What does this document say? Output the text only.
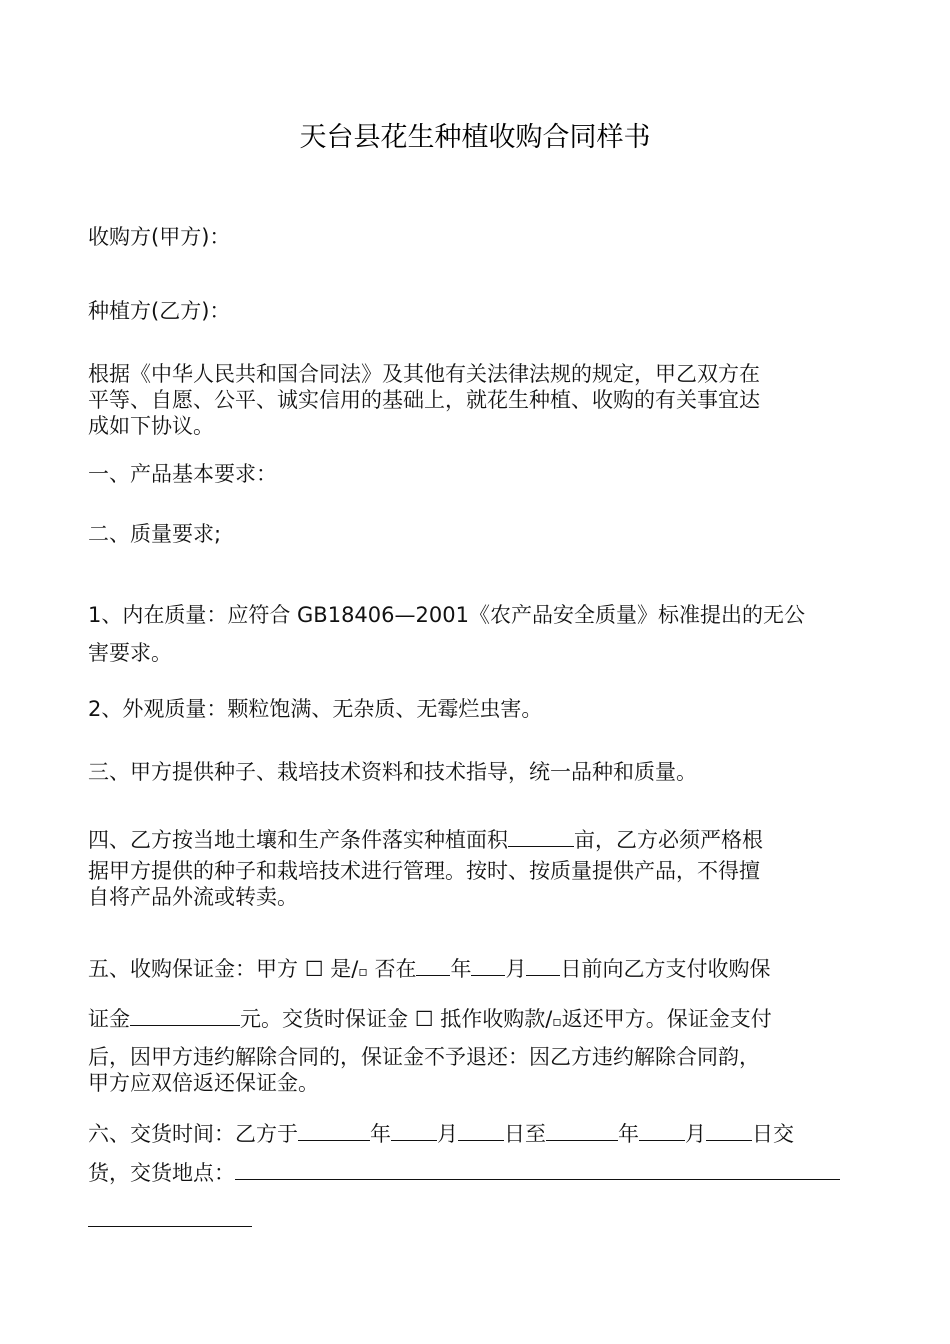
天台县花生种植收购合同样书

收购方(甲方)：

种植方(乙方)：

根据《中华人民共和国合同法》及其他有关法律法规的规定，甲乙双方在
平等、自愿、公平、诚实信用的基础上，就花生种植、收购的有关事宜达
成如下协议。

一、产品基本要求：

二、质量要求;

1、内在质量：应符合 GB18406—2001《农产品安全质量》标准提出的无公
害要求。

2、外观质量：颗粒饱满、无杂质、无霉烂虫害。

三、甲方提供种子、栽培技术资料和技术指导，统一品种和质量。

四、乙方按当地土壤和生产条件落实种植面积	亩，乙方必须严格根
据甲方提供的种子和栽培技术进行管理。按时、按质量提供产品，不得擅
自将产品外流或转卖。

五、收购保证金：甲方 ☐ 是/▫ 否在 年 月 日前向乙方支付收购保
证金	元。交货时保证金 ☐ 抵作收购款/▫返还甲方。保证金支付
后，因甲方违约解除合同的，保证金不予退还：因乙方违约解除合同韵，
甲方应双倍返还保证金。

六、交货时间：乙方于	年 月 日至	年 月 日交
货，交货地点：
